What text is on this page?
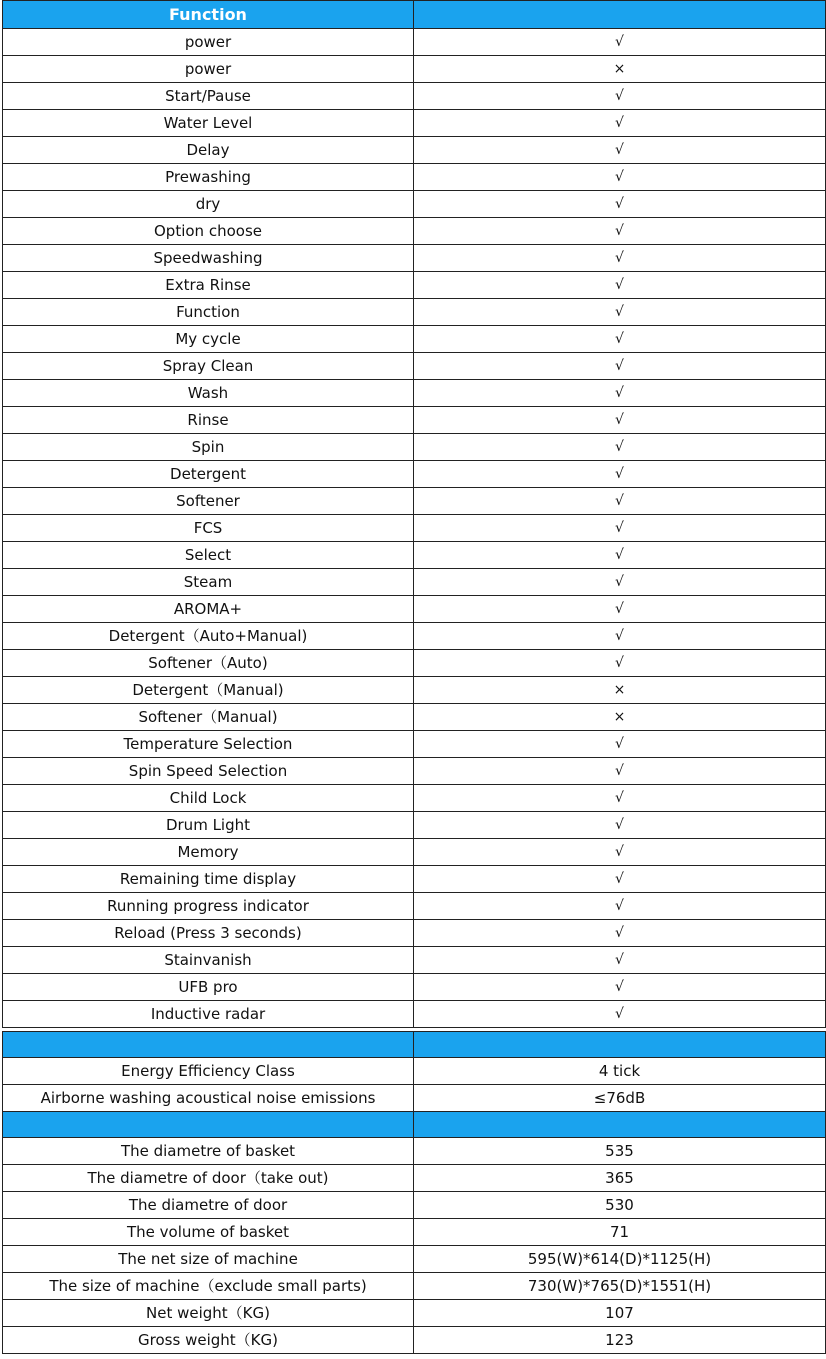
Function	
power	√
power	×
Start/Pause	√
Water Level	√
Delay	√
Prewashing	√
dry	√
Option choose	√
Speedwashing	√
Extra Rinse	√
Function	√
My cycle	√
Spray Clean	√
Wash	√
Rinse	√
Spin	√
Detergent	√
Softener	√
FCS	√
Select	√
Steam	√
AROMA+	√
Detergent（Auto+Manual)	√
Softener（Auto)	√
Detergent（Manual)	×
Softener（Manual)	×
Temperature Selection	√
Spin Speed Selection	√
Child Lock	√
Drum Light	√
Memory	√
Remaining time display	√
Running progress indicator	√
Reload (Press 3 seconds)	√
Stainvanish	√
UFB pro	√
Inductive radar	√

Energy Efficiency Class	4 tick
Airborne washing acoustical noise emissions	≤76dB

The diametre of basket	535
The diametre of door（take out)	365
The diametre of door	530
The volume of basket	71
The net size of machine	595(W)*614(D)*1125(H)
The size of machine（exclude small parts)	730(W)*765(D)*1551(H)
Net weight（KG)	107
Gross weight（KG)	123
